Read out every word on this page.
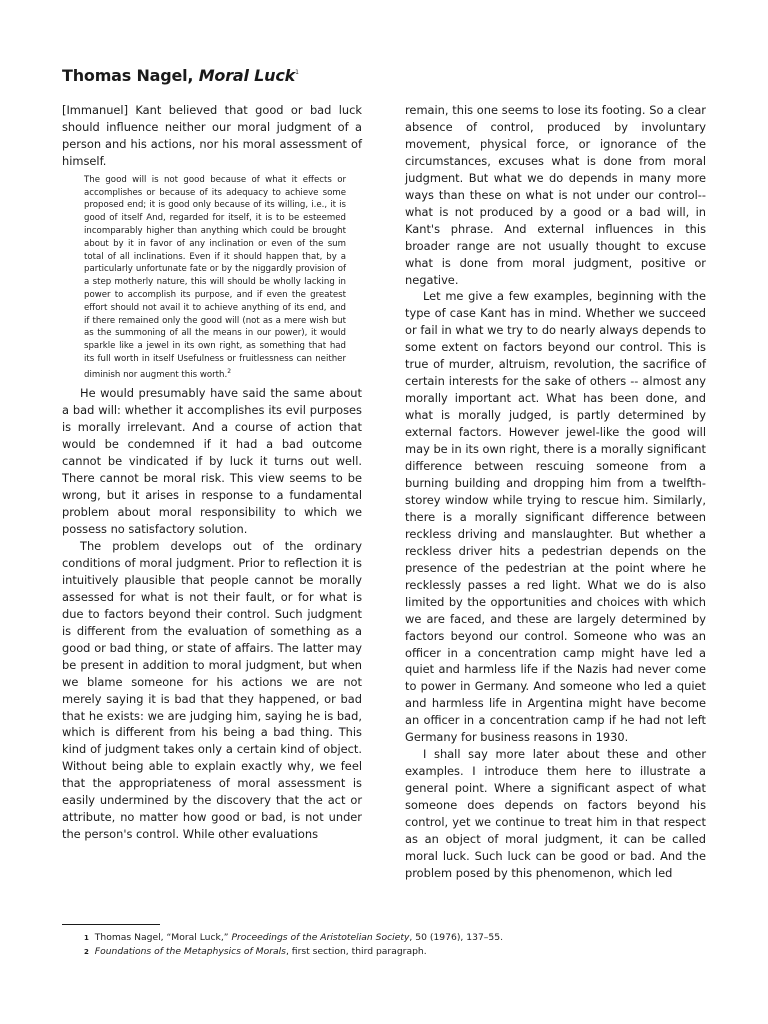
Thomas Nagel, Moral Luck$^1$

[Immanuel] Kant believed that good or bad luck should influence neither our moral judgment of a person and his actions, nor his moral assessment of himself.

The good will is not good because of what it effects or accomplishes or because of its adequacy to achieve some proposed end; it is good only because of its willing, i.e., it is good of itself And, regarded for itself, it is to be esteemed incomparably higher than anything which could be brought about by it in favor of any inclination or even of the sum total of all inclinations. Even if it should happen that, by a particularly unfortunate fate or by the niggardly provision of a step motherly nature, this will should be wholly lacking in power to accomplish its purpose, and if even the greatest effort should not avail it to achieve anything of its end, and if there remained only the good will (not as a mere wish but as the summoning of all the means in our power), it would sparkle like a jewel in its own right, as something that had its full worth in itself Usefulness or fruitlessness can neither diminish nor augment this worth.$^2$

He would presumably have said the same about a bad will: whether it accomplishes its evil purposes is morally irrelevant. And a course of action that would be condemned if it had a bad outcome cannot be vindicated if by luck it turns out well. There cannot be moral risk. This view seems to be wrong, but it arises in response to a fundamental problem about moral responsibility to which we possess no satisfactory solution.

The problem develops out of the ordinary conditions of moral judgment. Prior to reflection it is intuitively plausible that people cannot be morally assessed for what is not their fault, or for what is due to factors beyond their control. Such judgment is different from the evaluation of something as a good or bad thing, or state of affairs. The latter may be present in addition to moral judgment, but when we blame someone for his actions we are not merely saying it is bad that they happened, or bad that he exists: we are judging him, saying he is bad, which is different from his being a bad thing. This kind of judgment takes only a certain kind of object. Without being able to explain exactly why, we feel that the appropriateness of moral assessment is easily undermined by the discovery that the act or attribute, no matter how good or bad, is not under the person's control. While other evaluations

remain, this one seems to lose its footing. So a clear absence of control, produced by involuntary movement, physical force, or ignorance of the circumstances, excuses what is done from moral judgment. But what we do depends in many more ways than these on what is not under our control--what is not produced by a good or a bad will, in Kant's phrase. And external influences in this broader range are not usually thought to excuse what is done from moral judgment, positive or negative.

Let me give a few examples, beginning with the type of case Kant has in mind. Whether we succeed or fail in what we try to do nearly always depends to some extent on factors beyond our control. This is true of murder, altruism, revolution, the sacrifice of certain interests for the sake of others -- almost any morally important act. What has been done, and what is morally judged, is partly determined by external factors. However jewel-like the good will may be in its own right, there is a morally significant difference between rescuing someone from a burning building and dropping him from a twelfth-storey window while trying to rescue him. Similarly, there is a morally significant difference between reckless driving and manslaughter. But whether a reckless driver hits a pedestrian depends on the presence of the pedestrian at the point where he recklessly passes a red light. What we do is also limited by the opportunities and choices with which we are faced, and these are largely determined by factors beyond our control. Someone who was an officer in a concentration camp might have led a quiet and harmless life if the Nazis had never come to power in Germany. And someone who led a quiet and harmless life in Argentina might have become an officer in a concentration camp if he had not left Germany for business reasons in 1930.

I shall say more later about these and other examples. I introduce them here to illustrate a general point. Where a significant aspect of what someone does depends on factors beyond his control, yet we continue to treat him in that respect as an object of moral judgment, it can be called moral luck. Such luck can be good or bad. And the problem posed by this phenomenon, which led

1 Thomas Nagel, “Moral Luck,” Proceedings of the Aristotelian Society, 50 (1976), 137–55.
2 Foundations of the Metaphysics of Morals, first section, third paragraph.
